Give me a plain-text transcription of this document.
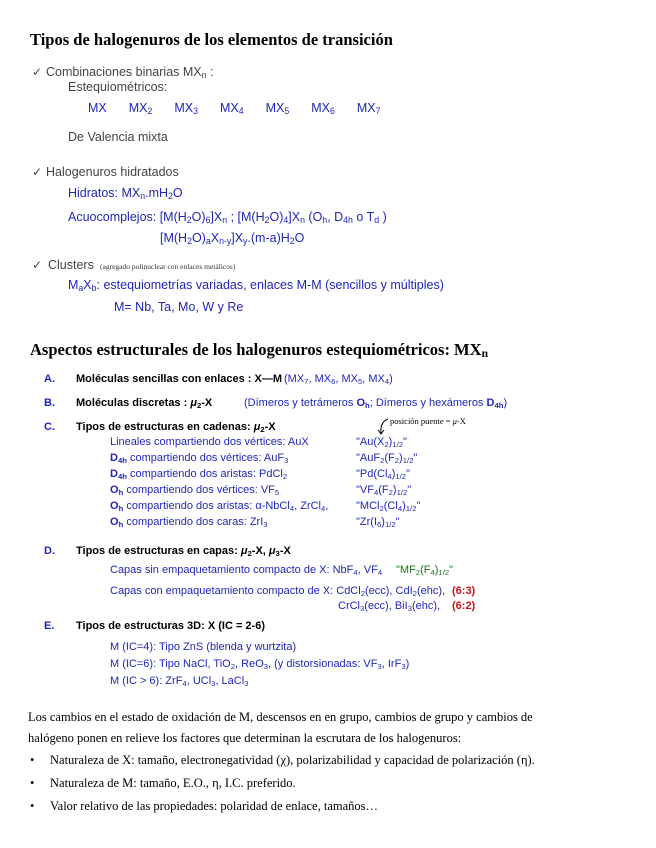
Tipos de halogenuros de los elementos de transición
✓ Combinaciones binarias $MX_n$ :
Estequiométricos:
MX $MX_2$ $MX_3$ $MX_4$ $MX_5$ $MX_6$ $MX_7$
De Valencia mixta
✓ Halogenuros hidratados
Hidratos: $MX_n.mH_2O$
Acuocomplejos: $[M(H_2O)_6]X_n$ ; $[M(H_2O)_4]X_n$ ($O_h$, $D_{4h}$ o $T_d$ )
$[M(H_2O)_aX_{n-y}]X_y.(m-a)H_2O$
✓ Clusters (agregado polinuclear con enlaces metálicos)
$M_aX_b$: estequiometrías variadas, enlaces M-M (sencillos y múltiples)
M= Nb, Ta, Mo, W y Re
Aspectos estructurales de los halogenuros estequiométricos: $MX_n$
A. Moléculas sencillas con enlaces : X—M ($MX_7$, $MX_6$, $MX_5$, $MX_4$)
B. Moléculas discretas : $\mu_2-X$	(Dímeros y tetrámeros $O_h$; Dímeros y hexámeros $D_{4h}$)
C. Tipos de estructuras en cadenas: $\mu_2-X$	posición puente = μ-X
Lineales compartiendo dos vértices: AuX	"$Au(X_2)_{1/2}$"
$D_{4h}$ compartiendo dos vértices: AuF$_3$	"$AuF_2(F_2)_{1/2}$"
$D_{4h}$ compartiendo dos aristas: PdCl$_2$	"$Pd(Cl_4)_{1/2}$"
$O_h$ compartiendo dos vértices: $VF_5$	"$VF_4(F_2)_{1/2}$"
$O_h$ compartiendo dos aristas: α-NbCl$_4$, ZrCl$_4$,	"$MCl_2(Cl_4)_{1/2}$"
$O_h$ compartiendo dos caras: ZrI$_3$	"$Zr(I_6)_{1/2}$"
D. Tipos de estructuras en capas: $\mu_2-X$, $\mu_3-X$
Capas sin empaquetamiento compacto de X: NbF$_4$, $VF_4$ "$MF_2(F_4)_{1/2}$"
Capas con empaquetamiento compacto de X: CdCl$_2$(ecc), CdI$_2$(ehc), (6:3)
CrCl$_3$(ecc), BiI$_3$(ehc), (6:2)
E. Tipos de estructuras 3D: X (IC = 2-6)
M (IC=4): Tipo ZnS (blenda y wurtzita)
M (IC=6): Tipo NaCl, TiO$_2$, ReO$_3$, (y distorsionadas: $VF_3$, IrF$_3$)
M (IC > 6): ZrF$_4$, UCl$_3$, LaCl$_3$
Los cambios en el estado de oxidación de M, descensos en en grupo, cambios de grupo y cambios de
halógeno ponen en relieve los factores que determinan la escrutara de los halogenuros:
• Naturaleza de X: tamaño, electronegatividad (χ), polarizabilidad y capacidad de polarización (η).
• Naturaleza de M: tamaño, E.O., η, I.C. preferido.
• Valor relativo de las propiedades: polaridad de enlace, tamaños…
